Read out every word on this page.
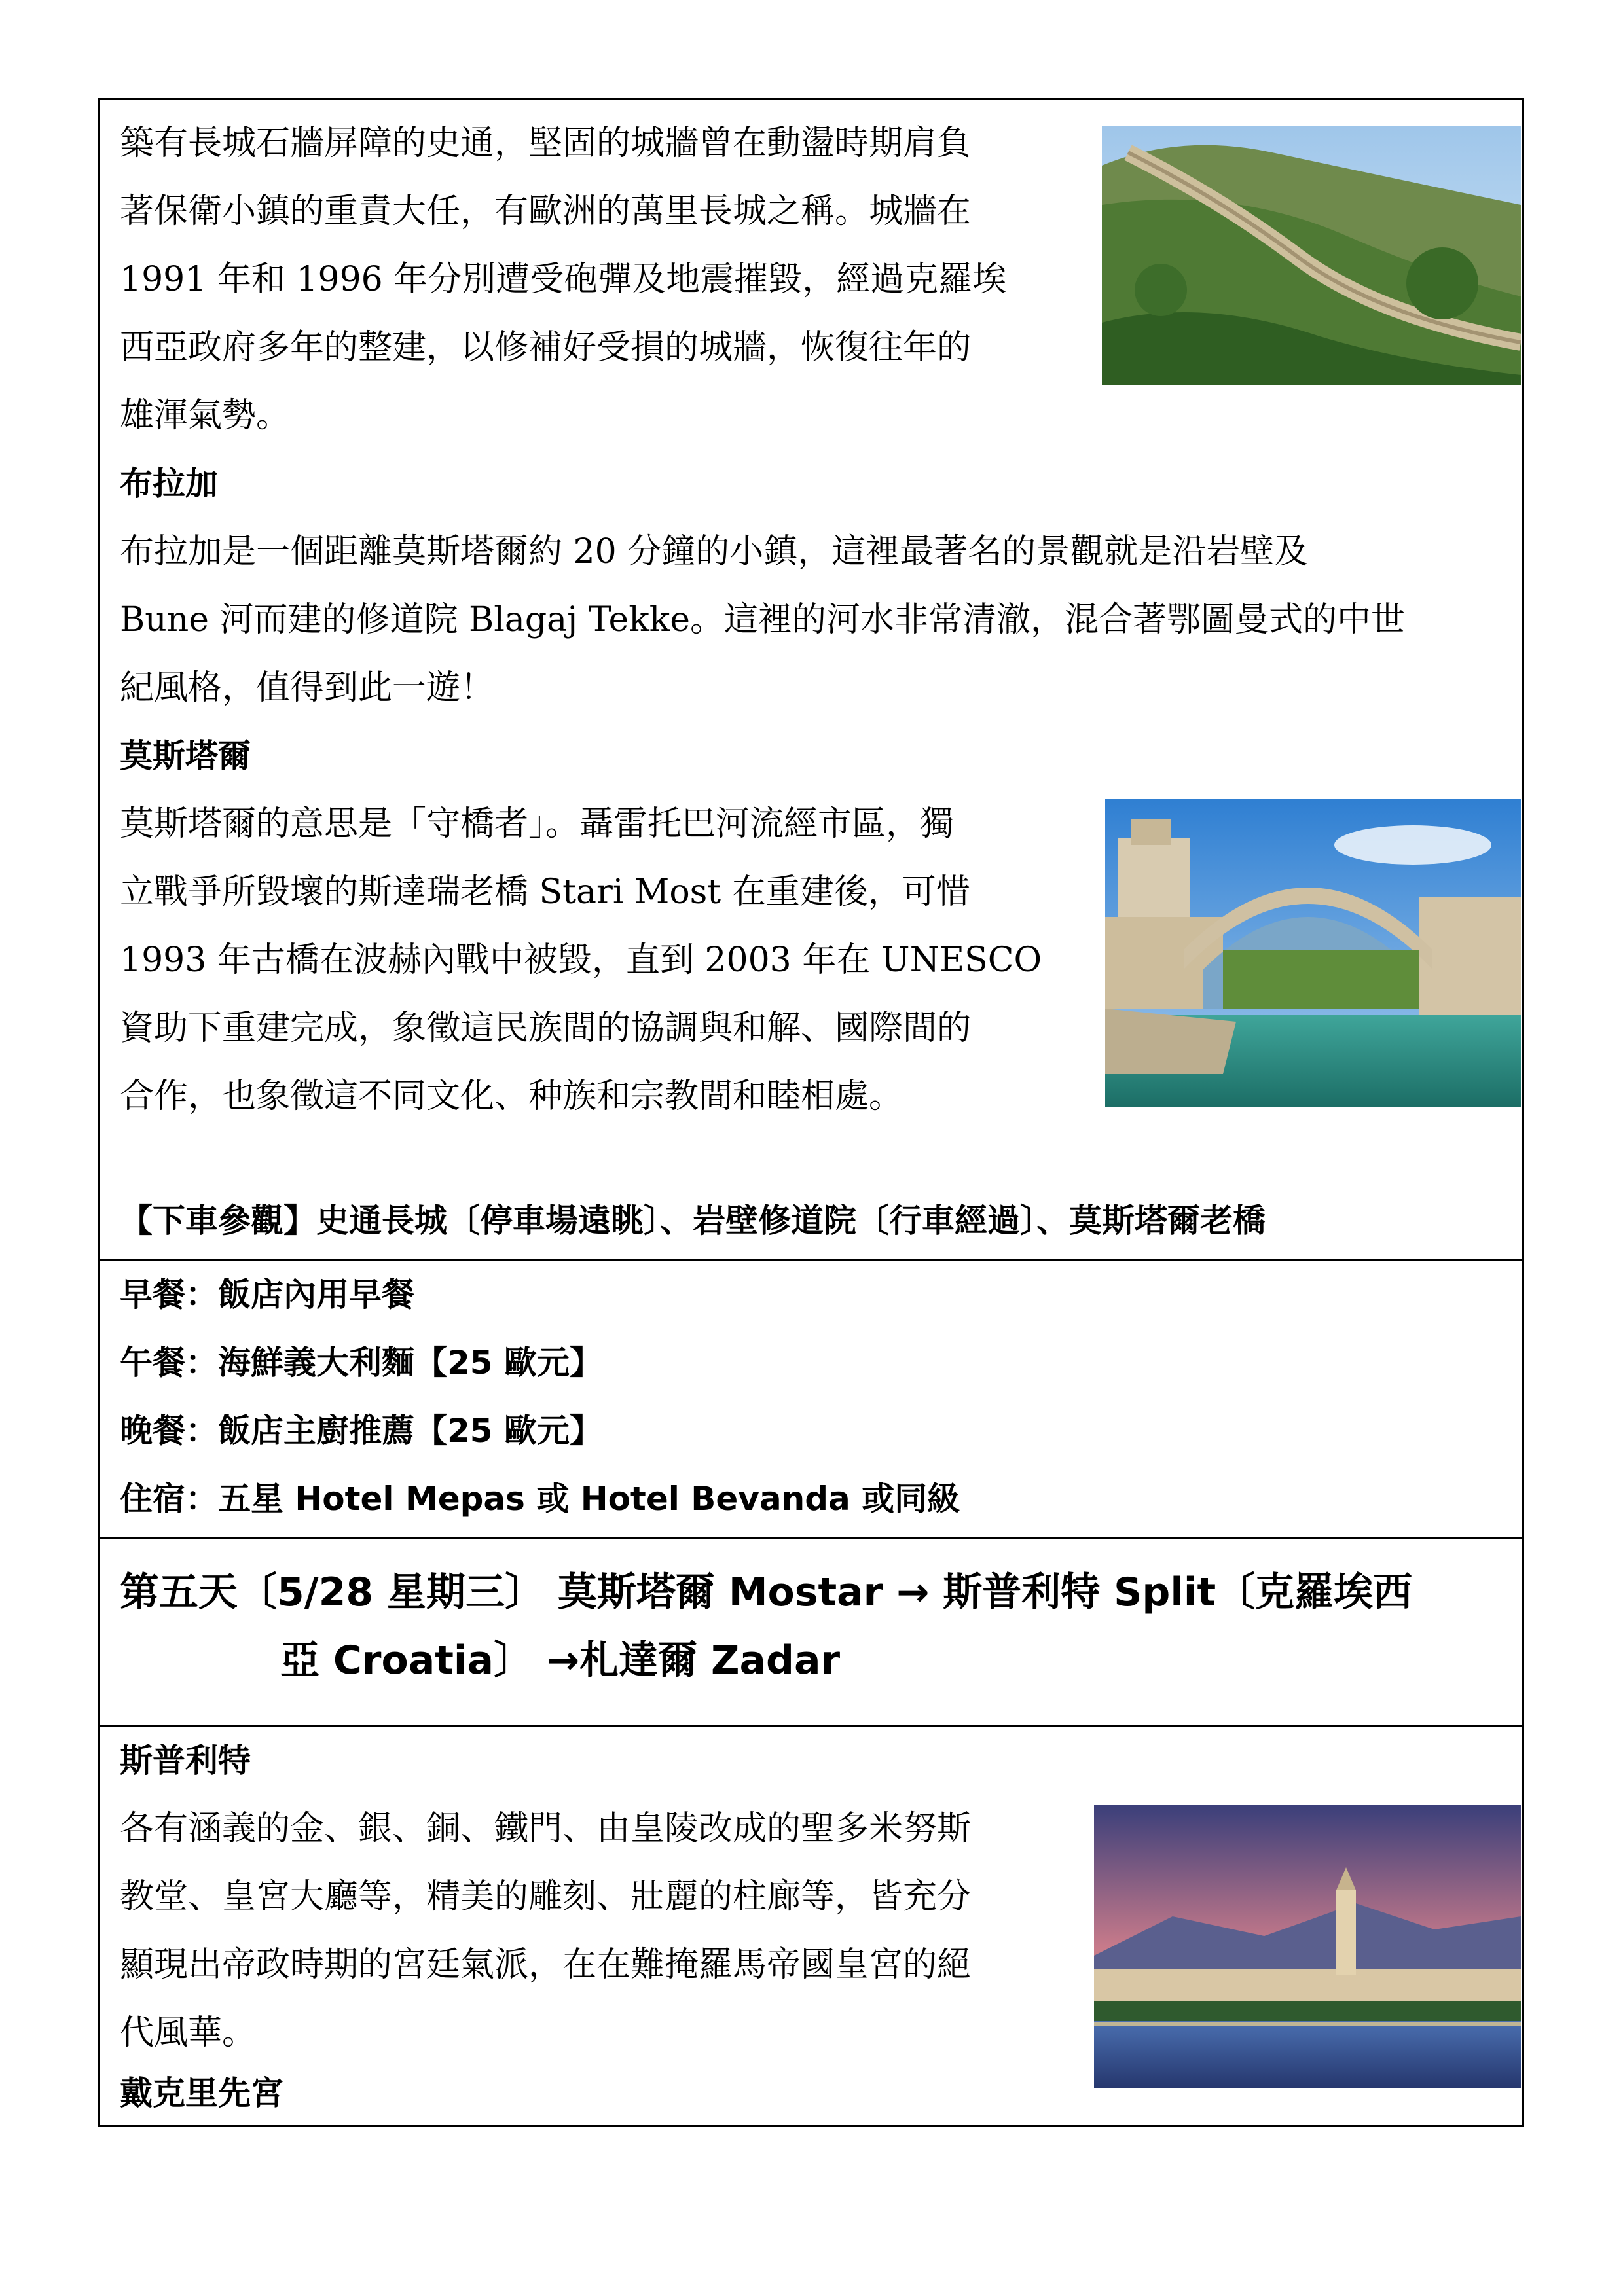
築有長城石牆屏障的史通，堅固的城牆曾在動盪時期肩負
著保衛小鎮的重責大任，有歐洲的萬里長城之稱。城牆在
1991 年和 1996 年分別遭受砲彈及地震摧毀，經過克羅埃
西亞政府多年的整建，以修補好受損的城牆，恢復往年的
雄渾氣勢。
布拉加
布拉加是一個距離莫斯塔爾約 20 分鐘的小鎮，這裡最著名的景觀就是沿岩壁及
Bune 河而建的修道院 Blagaj Tekke。這裡的河水非常清澈，混合著鄂圖曼式的中世
紀風格，值得到此一遊！
莫斯塔爾
莫斯塔爾的意思是「守橋者」。聶雷托巴河流經市區，獨
立戰爭所毀壞的斯達瑞老橋 Stari Most 在重建後，可惜
1993 年古橋在波赫內戰中被毀，直到 2003 年在 UNESCO
資助下重建完成，象徵這民族間的協調與和解、國際間的
合作，也象徵這不同文化、种族和宗教間和睦相處。
【下車參觀】史通長城〔停車場遠眺〕、岩壁修道院〔行車經過〕、莫斯塔爾老橋
早餐：飯店內用早餐
午餐：海鮮義大利麵【25 歐元】
晚餐：飯店主廚推薦【25 歐元】
住宿：五星 Hotel Mepas 或 Hotel Bevanda 或同級
第五天〔5/28 星期三〕 莫斯塔爾 Mostar → 斯普利特 Split〔克羅埃西
亞 Croatia〕 →札達爾 Zadar
斯普利特
各有涵義的金、銀、銅、鐵門、由皇陵改成的聖多米努斯
教堂、皇宮大廳等，精美的雕刻、壯麗的柱廊等，皆充分
顯現出帝政時期的宮廷氣派，在在難掩羅馬帝國皇宮的絕
代風華。
戴克里先宮
